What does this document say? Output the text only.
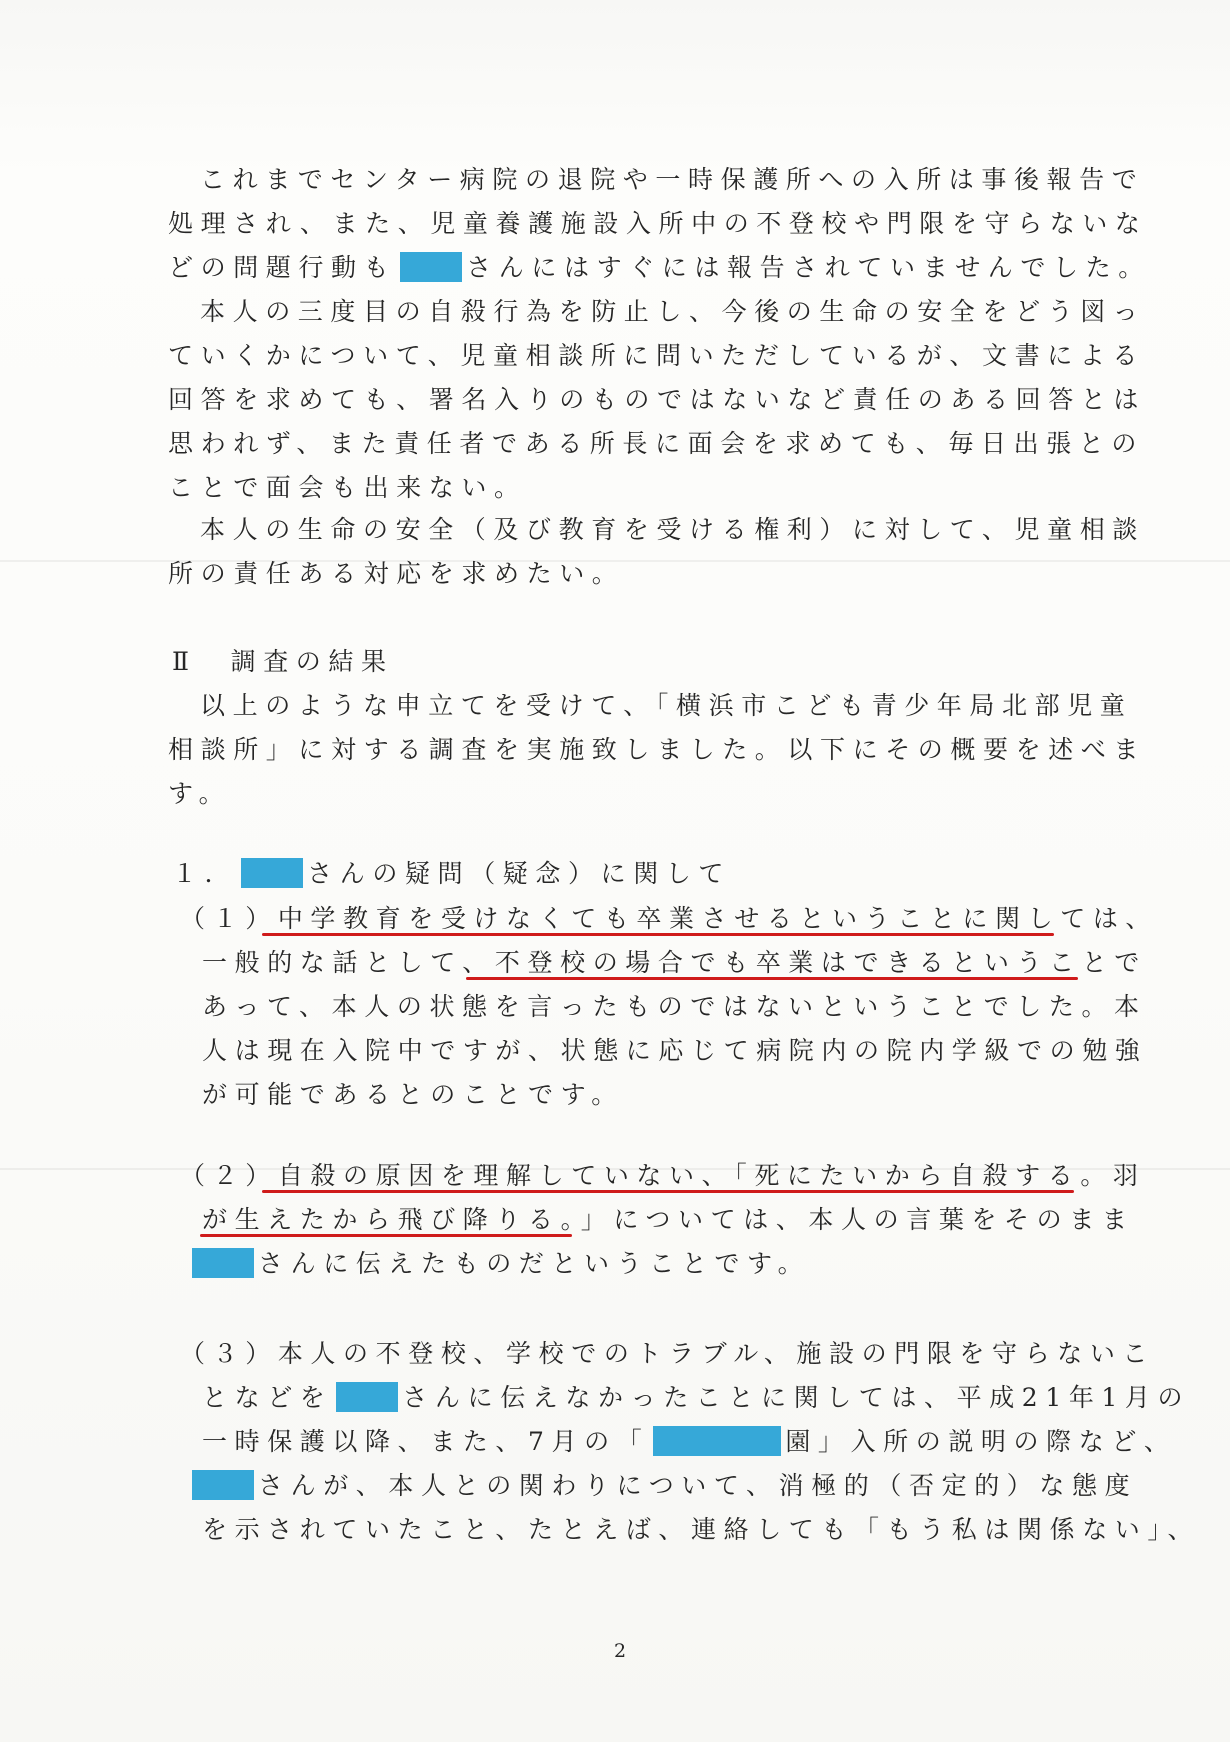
これまでセンター病院の退院や一時保護所への入所は事後報告で
処理され、また、児童養護施設入所中の不登校や門限を守らないな
どの問題行動も	さんにはすぐには報告されていませんでした。
本人の三度目の自殺行為を防止し、今後の生命の安全をどう図っ
ていくかについて、児童相談所に問いただしているが、文書による
回答を求めても、署名入りのものではないなど責任のある回答とは
思われず、また責任者である所長に面会を求めても、毎日出張との
ことで面会も出来ない。
本人の生命の安全（及び教育を受ける権利）に対して、児童相談
所の責任ある対応を求めたい。
Ⅱ 調査の結果
以上のような申立てを受けて、「横浜市こども青少年局北部児童
相談所」に対する調査を実施致しました。以下にその概要を述べま
す。
１．	さんの疑問（疑念）に関して
（１）中学教育を受けなくても卒業させるということに関しては、
一般的な話として、不登校の場合でも卒業はできるということで
あって、本人の状態を言ったものではないということでした。本
人は現在入院中ですが、状態に応じて病院内の院内学級での勉強
が可能であるとのことです。
（２）自殺の原因を理解していない、「死にたいから自殺する。羽
が生えたから飛び降りる。」については、本人の言葉をそのまま
さんに伝えたものだということです。
（３）本人の不登校、学校でのトラブル、施設の門限を守らないこ
となどを	さんに伝えなかったことに関しては、平成21年1月の
一時保護以降、また、7月の「	園」入所の説明の際など、
さんが、本人との関わりについて、消極的（否定的）な態度
を示されていたこと、たとえば、連絡しても「もう私は関係ない」、
2
